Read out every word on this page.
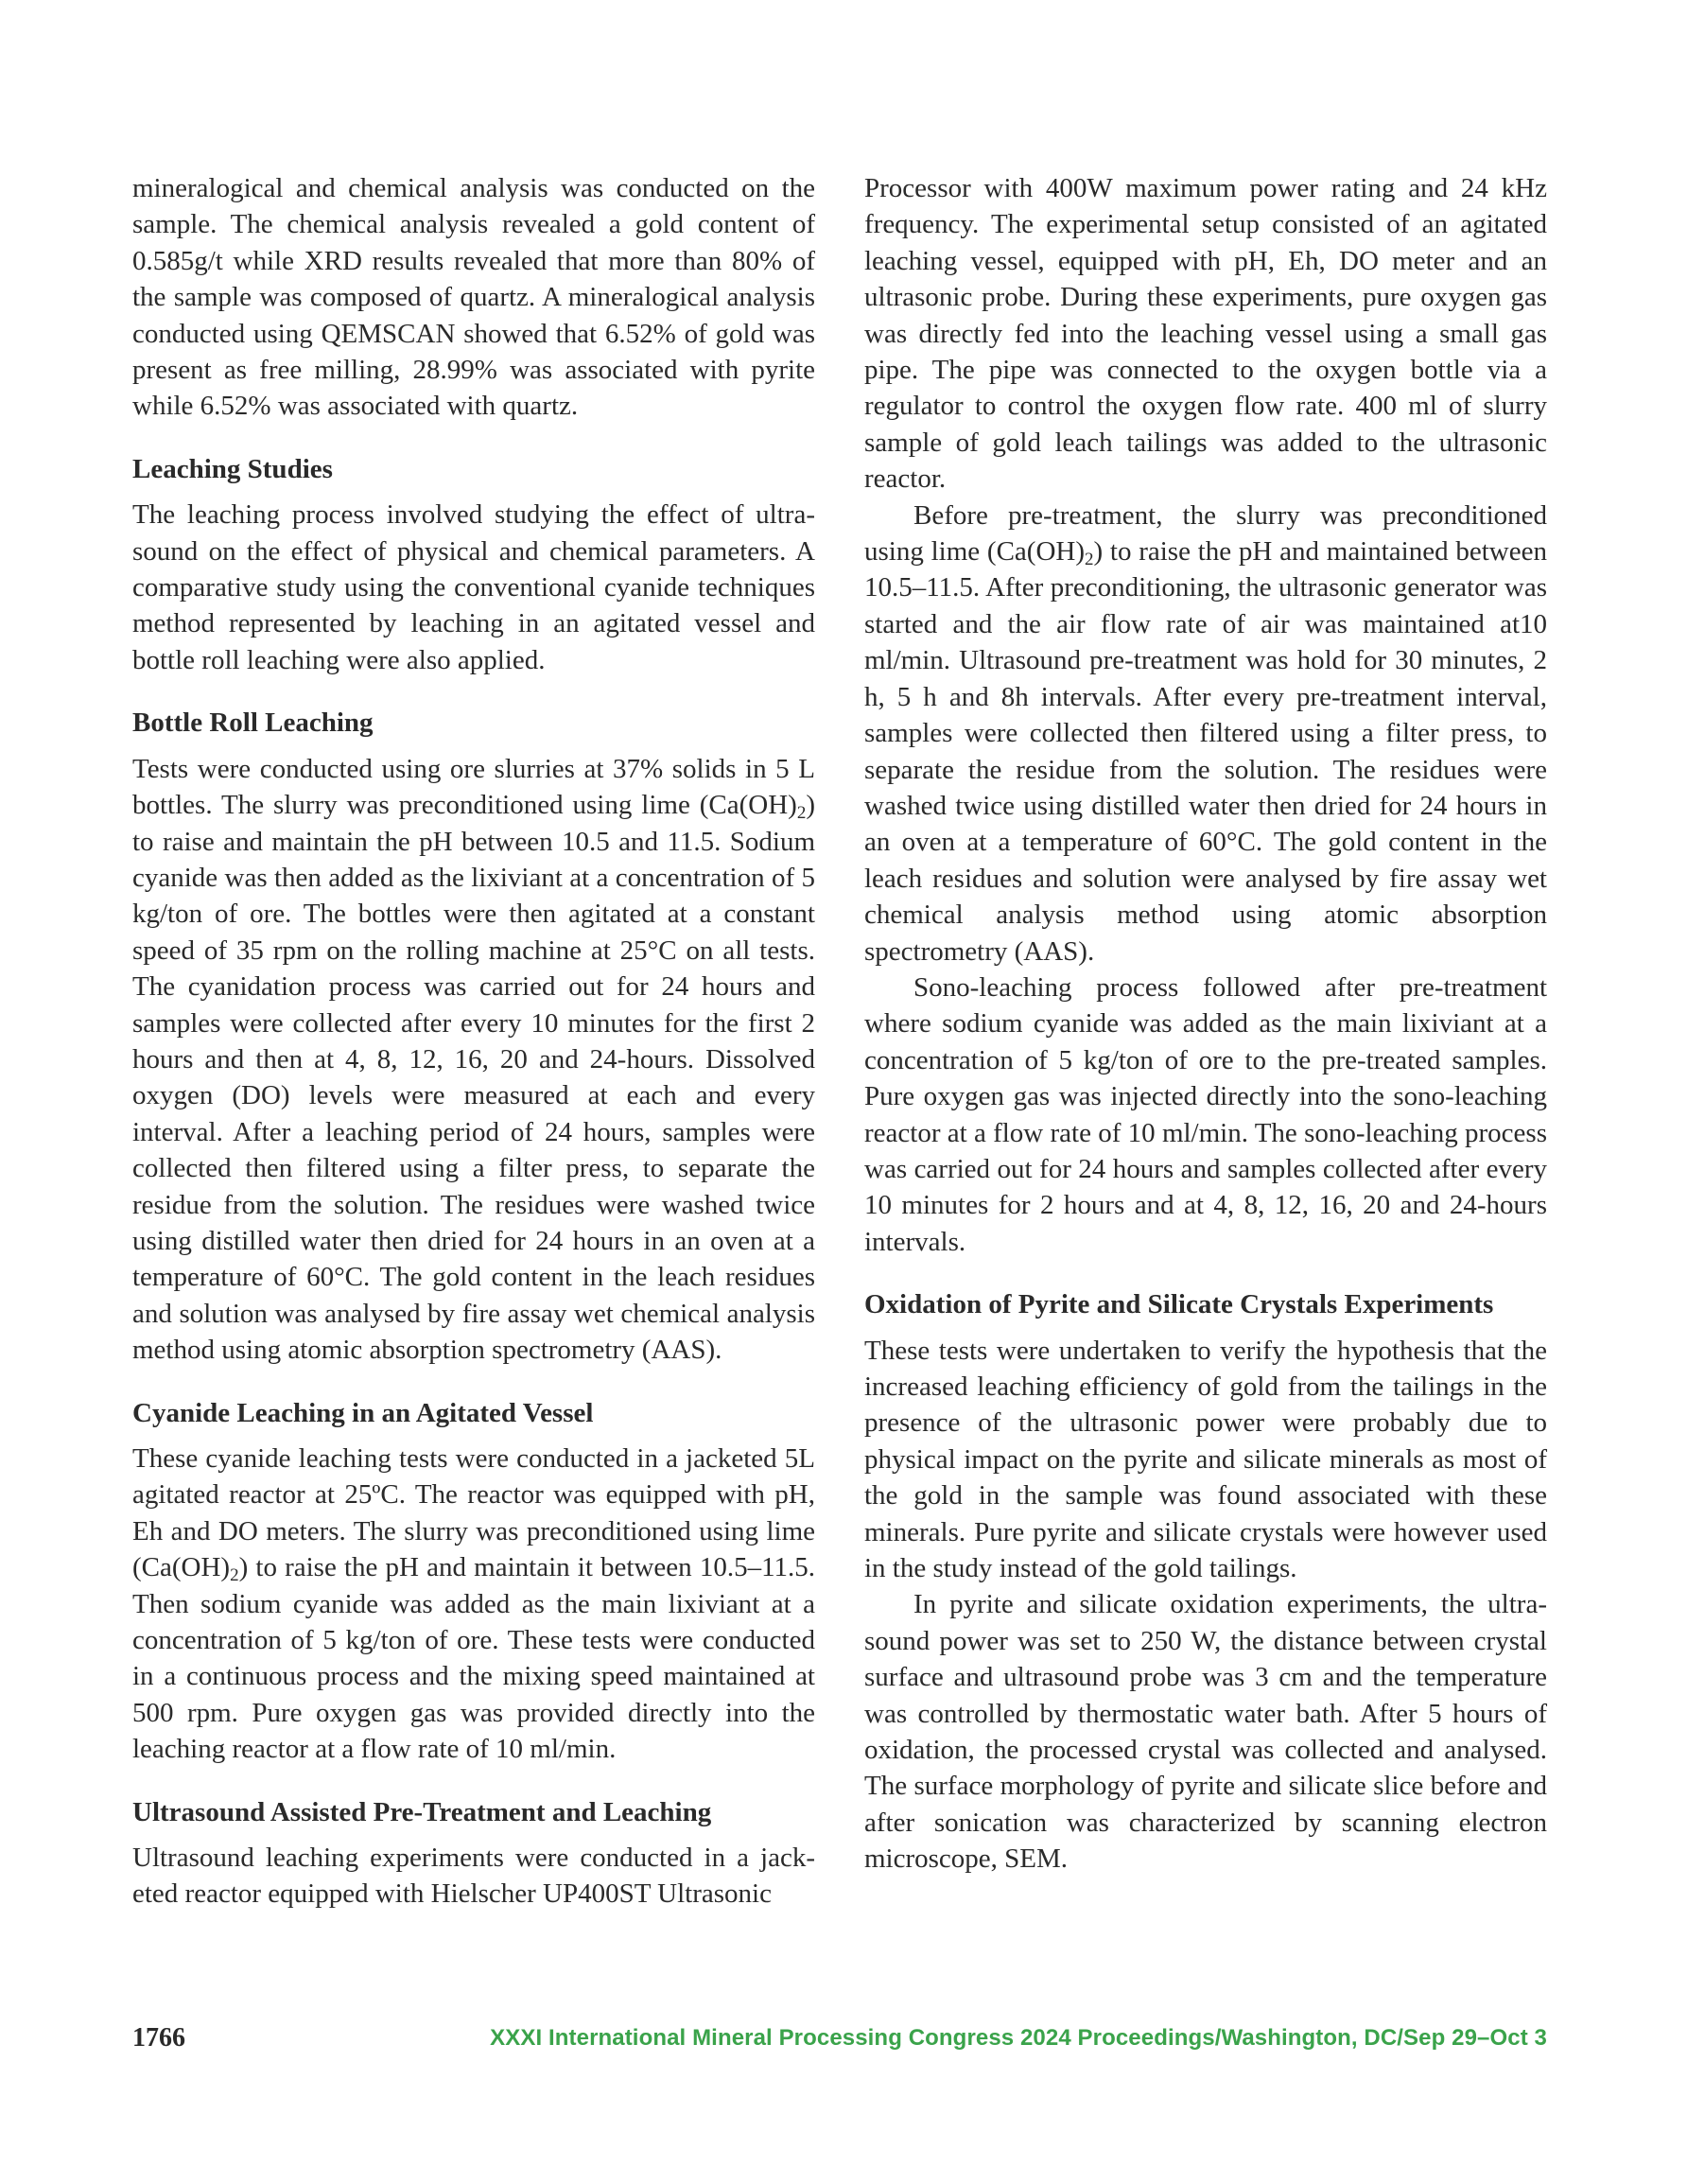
mineralogical and chemical analysis was conducted on the sample. The chemical analysis revealed a gold content of 0.585g/t while XRD results revealed that more than 80% of the sample was composed of quartz. A mineralogical analysis conducted using QEMSCAN showed that 6.52% of gold was present as free milling, 28.99% was associated with pyrite while 6.52% was associated with quartz.

Leaching Studies

The leaching process involved studying the effect of ultrasound on the effect of physical and chemical parameters. A comparative study using the conventional cyanide techniques method represented by leaching in an agitated vessel and bottle roll leaching were also applied.

Bottle Roll Leaching

Tests were conducted using ore slurries at 37% solids in 5 L bottles. The slurry was preconditioned using lime $(Ca(OH)_2)$ to raise and maintain the pH between 10.5 and 11.5. Sodium cyanide was then added as the lixiviant at a concentration of 5 kg/ton of ore. The bottles were then agitated at a constant speed of 35 rpm on the rolling machine at 25°C on all tests. The cyanidation process was carried out for 24 hours and samples were collected after every 10 minutes for the first 2 hours and then at 4, 8, 12, 16, 20 and 24-hours. Dissolved oxygen (DO) levels were measured at each and every interval. After a leaching period of 24 hours, samples were collected then filtered using a filter press, to separate the residue from the solution. The residues were washed twice using distilled water then dried for 24 hours in an oven at a temperature of 60°C. The gold content in the leach residues and solution was analysed by fire assay wet chemical analysis method using atomic absorption spectrometry (AAS).

Cyanide Leaching in an Agitated Vessel

These cyanide leaching tests were conducted in a jacketed 5L agitated reactor at 25ºC. The reactor was equipped with pH, Eh and DO meters. The slurry was preconditioned using lime $(Ca(OH)_2)$ to raise the pH and maintain it between 10.5–11.5. Then sodium cyanide was added as the main lixiviant at a concentration of 5 kg/ton of ore. These tests were conducted in a continuous process and the mixing speed maintained at 500 rpm. Pure oxygen gas was provided directly into the leaching reactor at a flow rate of 10 ml/min.

Ultrasound Assisted Pre-Treatment and Leaching

Ultrasound leaching experiments were conducted in a jacketed reactor equipped with Hielscher UP400ST Ultrasonic

Processor with 400W maximum power rating and 24 kHz frequency. The experimental setup consisted of an agitated leaching vessel, equipped with pH, Eh, DO meter and an ultrasonic probe. During these experiments, pure oxygen gas was directly fed into the leaching vessel using a small gas pipe. The pipe was connected to the oxygen bottle via a regulator to control the oxygen flow rate. 400 ml of slurry sample of gold leach tailings was added to the ultrasonic reactor.

Before pre-treatment, the slurry was preconditioned using lime $(Ca(OH)_2)$ to raise the pH and maintained between 10.5–11.5. After preconditioning, the ultrasonic generator was started and the air flow rate of air was maintained at10 ml/min. Ultrasound pre-treatment was hold for 30 minutes, 2 h, 5 h and 8h intervals. After every pre-treatment interval, samples were collected then filtered using a filter press, to separate the residue from the solution. The residues were washed twice using distilled water then dried for 24 hours in an oven at a temperature of 60°C. The gold content in the leach residues and solution were analysed by fire assay wet chemical analysis method using atomic absorption spectrometry (AAS).

Sono-leaching process followed after pre-treatment where sodium cyanide was added as the main lixiviant at a concentration of 5 kg/ton of ore to the pre-treated samples. Pure oxygen gas was injected directly into the sono-leaching reactor at a flow rate of 10 ml/min. The sono-leaching process was carried out for 24 hours and samples collected after every 10 minutes for 2 hours and at 4, 8, 12, 16, 20 and 24-hours intervals.

Oxidation of Pyrite and Silicate Crystals Experiments

These tests were undertaken to verify the hypothesis that the increased leaching efficiency of gold from the tailings in the presence of the ultrasonic power were probably due to physical impact on the pyrite and silicate minerals as most of the gold in the sample was found associated with these minerals. Pure pyrite and silicate crystals were however used in the study instead of the gold tailings.

In pyrite and silicate oxidation experiments, the ultrasound power was set to 250 W, the distance between crystal surface and ultrasound probe was 3 cm and the temperature was controlled by thermostatic water bath. After 5 hours of oxidation, the processed crystal was collected and analysed. The surface morphology of pyrite and silicate slice before and after sonication was characterized by scanning electron microscope, SEM.

1766	XXXI International Mineral Processing Congress 2024 Proceedings/Washington, DC/Sep 29–Oct 3
